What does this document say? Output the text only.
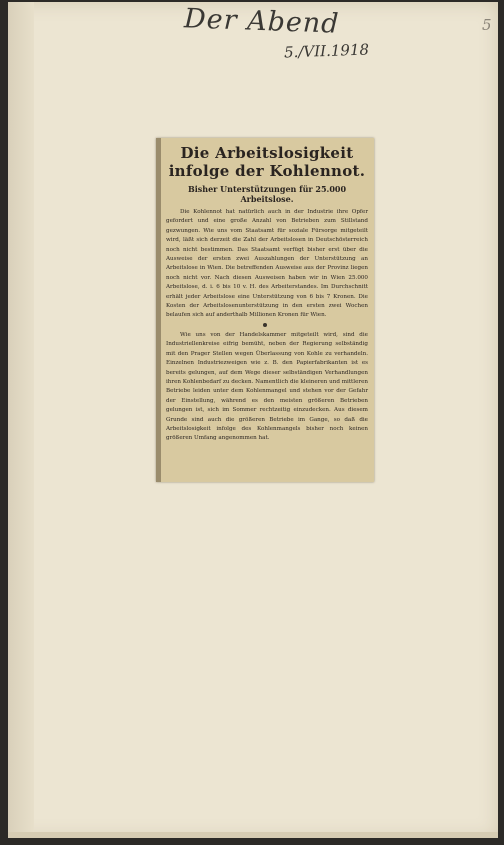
Der Abend
5./VII.1918
5
Die Arbeitslosigkeit infolge der Kohlennot.
Bisher Unterstützungen für 25.000 Arbeitslose.
Die Kohlennot hat natürlich auch in der Industrie ihre Opfer gefordert und eine große Anzahl von Betrieben zum Stillstand gezwungen. Wie uns vom Staatsamt für soziale Fürsorge mitgeteilt wird, läßt sich derzeit die Zahl der Arbeitslosen in Deutschösterreich noch nicht bestimmen. Das Staatsamt verfügt bisher erst über die Ausweise der ersten zwei Auszahlungen der Unterstützung an Arbeitslose in Wien. Die betreffenden Ausweise aus der Provinz liegen noch nicht vor. Nach diesen Ausweisen haben wir in Wien 25.000 Arbeitslose, d. i. 6 bis 10 v. H. des Arbeiterstandes. Im Durchschnitt erhält jeder Arbeitslose eine Unterstützung von 6 bis 7 Kronen. Die Kosten der Arbeitslosenunterstützung in den ersten zwei Wochen belaufen sich auf anderthalb Millionen Kronen für Wien.
Wie uns von der Handelskammer mitgeteilt wird, sind die Industriellenkreise eifrig bemüht, neben der Regierung selbständig mit den Prager Stellen wegen Überlassung von Kohle zu verhandeln. Einzelnen Industriezweigen wie z. B. den Papierfabrikanten ist es bereits gelungen, auf dem Wege dieser selbständigen Verhandlungen ihren Kohlenbedarf zu decken. Namentlich die kleineren und mittleren Betriebe leiden unter dem Kohlenmangel und stehen vor der Gefahr der Einstellung, während es den meisten größeren Betrieben gelungen ist, sich im Sommer rechtzeitig einzudecken. Aus diesem Grunde sind auch die größeren Betriebe im Gange, so daß die Arbeitslosigkeit infolge des Kohlenmangels bisher noch keinen größeren Umfang angenommen hat.
